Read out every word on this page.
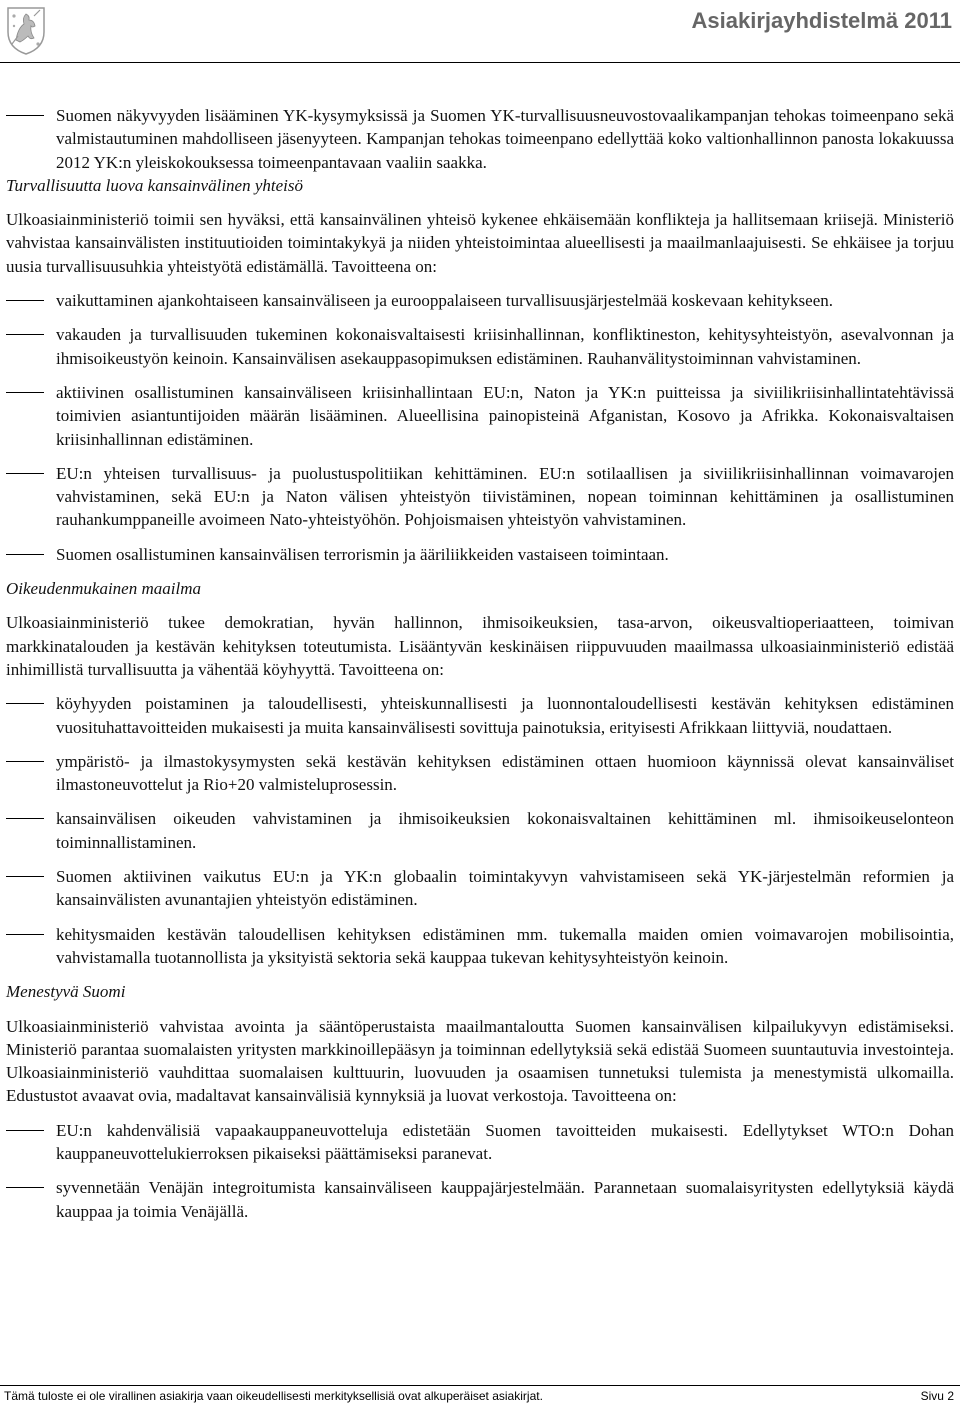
Asiakirjayhdistelmä 2011
Suomen näkyvyyden lisääminen YK-kysymyksissä ja Suomen YK-turvallisuusneuvostovaalikampanjan tehokas toimeenpano sekä valmistautuminen mahdolliseen jäsenyyteen. Kampanjan tehokas toimeenpano edellyttää koko valtionhallinnon panosta lokakuussa 2012 YK:n yleiskokouksessa toimeenpantavaan vaaliin saakka.
Turvallisuutta luova kansainvälinen yhteisö

Ulkoasiainministeriö toimii sen hyväksi, että kansainvälinen yhteisö kykenee ehkäisemään konflikteja ja hallitsemaan kriisejä. Ministeriö vahvistaa kansainvälisten instituutioiden toimintakykyä ja niiden yhteistoimintaa alueellisesti ja maailmanlaajuisesti. Se ehkäisee ja torjuu uusia turvallisuusuhkia yhteistyötä edistämällä. Tavoitteena on:

vaikuttaminen ajankohtaiseen kansainväliseen ja eurooppalaiseen turvallisuusjärjestelmää koskevaan kehitykseen.
vakauden ja turvallisuuden tukeminen kokonaisvaltaisesti kriisinhallinnan, konfliktineston, kehitysyhteistyön, asevalvonnan ja ihmisoikeustyön keinoin. Kansainvälisen asekauppasopimuksen edistäminen. Rauhanvälitystoiminnan vahvistaminen.
aktiivinen osallistuminen kansainväliseen kriisinhallintaan EU:n, Naton ja YK:n puitteissa ja siviilikriisinhallintatehtävissä toimivien asiantuntijoiden määrän lisääminen. Alueellisina painopisteinä Afganistan, Kosovo ja Afrikka. Kokonaisvaltaisen kriisinhallinnan edistäminen.
EU:n yhteisen turvallisuus- ja puolustuspolitiikan kehittäminen. EU:n sotilaallisen ja siviilikriisinhallinnan voimavarojen vahvistaminen, sekä EU:n ja Naton välisen yhteistyön tiivistäminen, nopean toiminnan kehittäminen ja osallistuminen rauhankumppaneille avoimeen Nato-yhteistyöhön. Pohjoismaisen yhteistyön vahvistaminen.
Suomen osallistuminen kansainvälisen terrorismin ja ääriliikkeiden vastaiseen toimintaan.
Oikeudenmukainen maailma

Ulkoasiainministeriö tukee demokratian, hyvän hallinnon, ihmisoikeuksien, tasa-arvon, oikeusvaltioperiaatteen, toimivan markkinatalouden ja kestävän kehityksen toteutumista. Lisääntyvän keskinäisen riippuvuuden maailmassa ulkoasiainministeriö edistää inhimillistä turvallisuutta ja vähentää köyhyyttä. Tavoitteena on:

köyhyyden poistaminen ja taloudellisesti, yhteiskunnallisesti ja luonnontaloudellisesti kestävän kehityksen edistäminen vuosituhattavoitteiden mukaisesti ja muita kansainvälisesti sovittuja painotuksia, erityisesti Afrikkaan liittyviä, noudattaen.
ympäristö- ja ilmastokysymysten sekä kestävän kehityksen edistäminen ottaen huomioon käynnissä olevat kansainväliset ilmastoneuvottelut ja Rio+20 valmisteluprosessin.
kansainvälisen oikeuden vahvistaminen ja ihmisoikeuksien kokonaisvaltainen kehittäminen ml. ihmisoikeuselonteon toiminnallistaminen.
Suomen aktiivinen vaikutus EU:n ja YK:n globaalin toimintakyvyn vahvistamiseen sekä YK-järjestelmän reformien ja kansainvälisten avunantajien yhteistyön edistäminen.
kehitysmaiden kestävän taloudellisen kehityksen edistäminen mm. tukemalla maiden omien voimavarojen mobilisointia, vahvistamalla tuotannollista ja yksityistä sektoria sekä kauppaa tukevan kehitysyhteistyön keinoin.
Menestyvä Suomi

Ulkoasiainministeriö vahvistaa avointa ja sääntöperustaista maailmantaloutta Suomen kansainvälisen kilpailukyvyn edistämiseksi. Ministeriö parantaa suomalaisten yritysten markkinoillepääsyn ja toiminnan edellytyksiä sekä edistää Suomeen suuntautuvia investointeja. Ulkoasiainministeriö vauhdittaa suomalaisen kulttuurin, luovuuden ja osaamisen tunnetuksi tulemista ja menestymistä ulkomailla. Edustustot avaavat ovia, madaltavat kansainvälisiä kynnyksiä ja luovat verkostoja. Tavoitteena on:

EU:n kahdenvälisiä vapaakauppaneuvotteluja edistetään Suomen tavoitteiden mukaisesti. Edellytykset WTO:n Dohan kauppaneuvottelukierroksen pikaiseksi päättämiseksi paranevat.
syvennetään Venäjän integroitumista kansainväliseen kauppajärjestelmään. Parannetaan suomalaisyritysten edellytyksiä käydä kauppaa ja toimia Venäjällä.
Tämä tuloste ei ole virallinen asiakirja vaan oikeudellisesti merkityksellisiä ovat alkuperäiset asiakirjat.	Sivu 2
